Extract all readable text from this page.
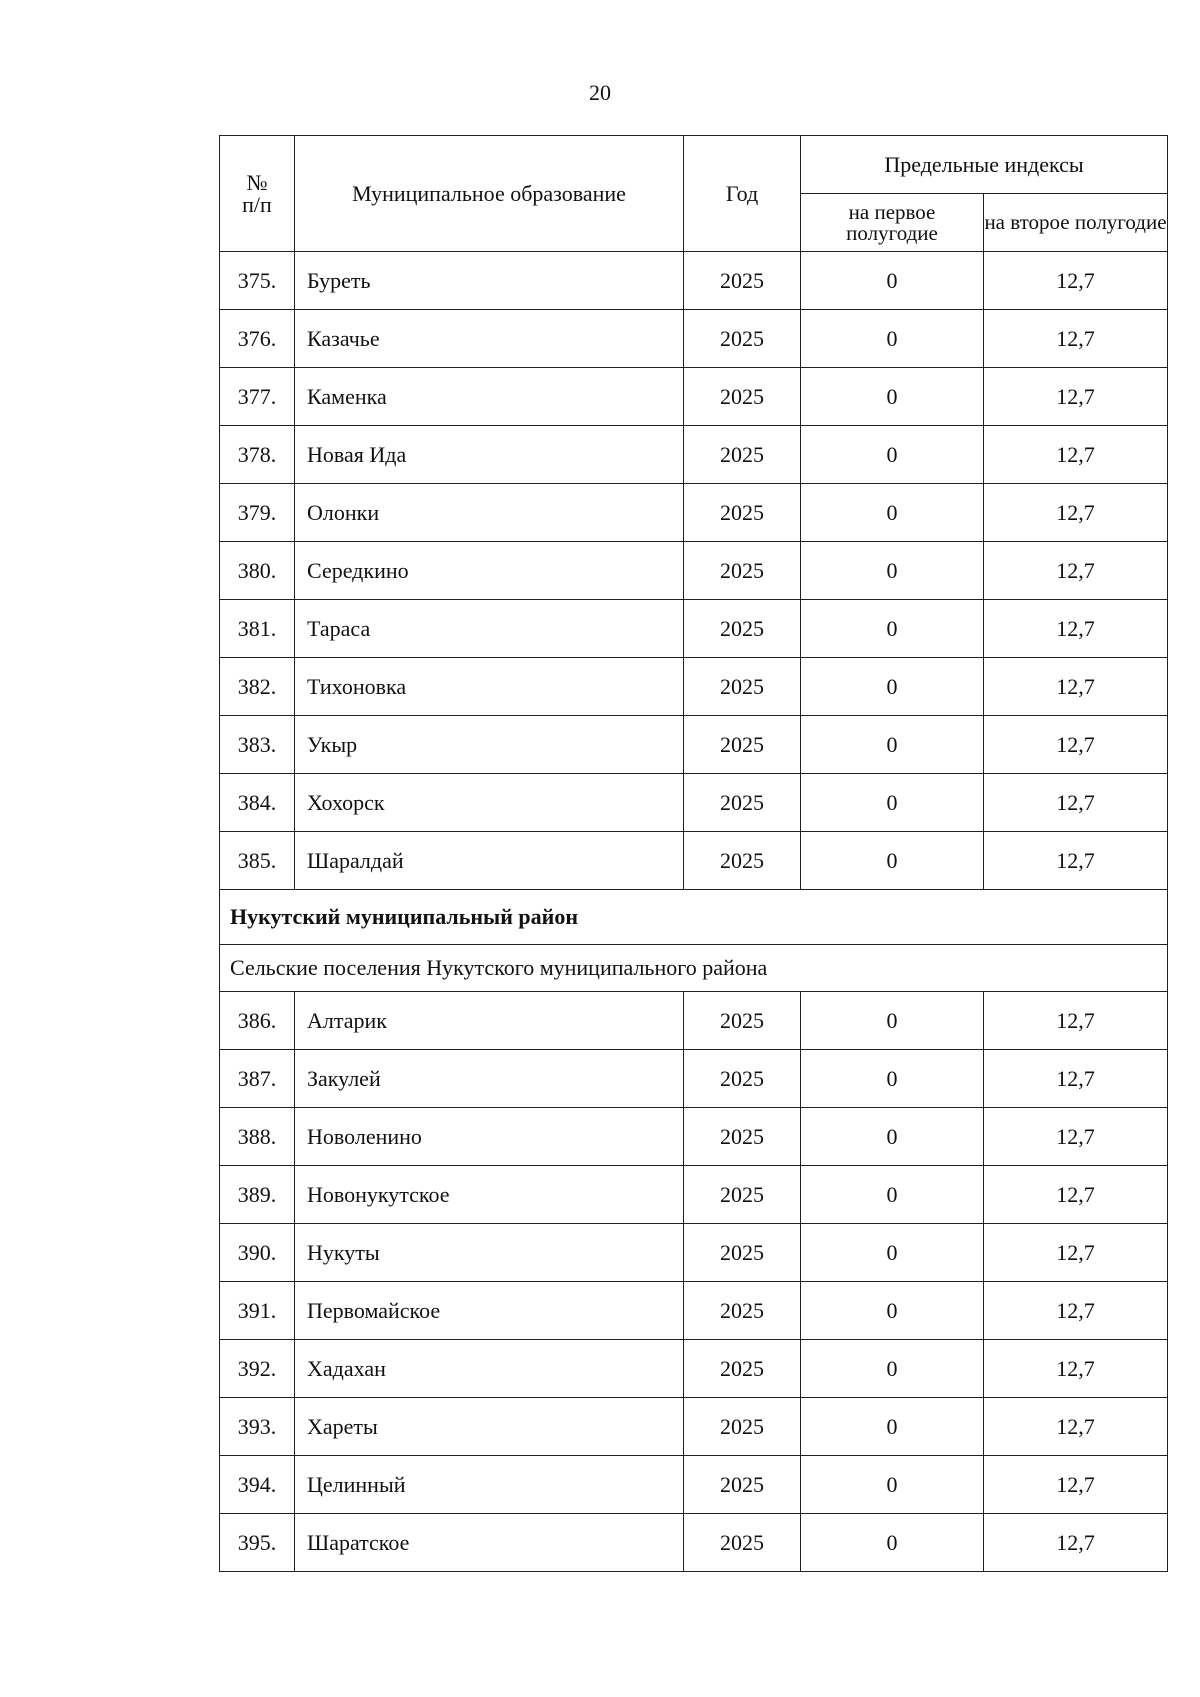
20
№
п/п	Муниципальное образование	Год	Предельные индексы	
			на первое полугодие	на второе полугодие
375.	Буреть	2025	0	12,7
376.	Казачье	2025	0	12,7
377.	Каменка	2025	0	12,7
378.	Новая Ида	2025	0	12,7
379.	Олонки	2025	0	12,7
380.	Середкино	2025	0	12,7
381.	Тараса	2025	0	12,7
382.	Тихоновка	2025	0	12,7
383.	Укыр	2025	0	12,7
384.	Хохорск	2025	0	12,7
385.	Шаралдай	2025	0	12,7
Нукутский муниципальный район				
Сельские поселения Нукутского муниципального района				
386.	Алтарик	2025	0	12,7
387.	Закулей	2025	0	12,7
388.	Новоленино	2025	0	12,7
389.	Новонукутское	2025	0	12,7
390.	Нукуты	2025	0	12,7
391.	Первомайское	2025	0	12,7
392.	Хадахан	2025	0	12,7
393.	Хареты	2025	0	12,7
394.	Целинный	2025	0	12,7
395.	Шаратское	2025	0	12,7
